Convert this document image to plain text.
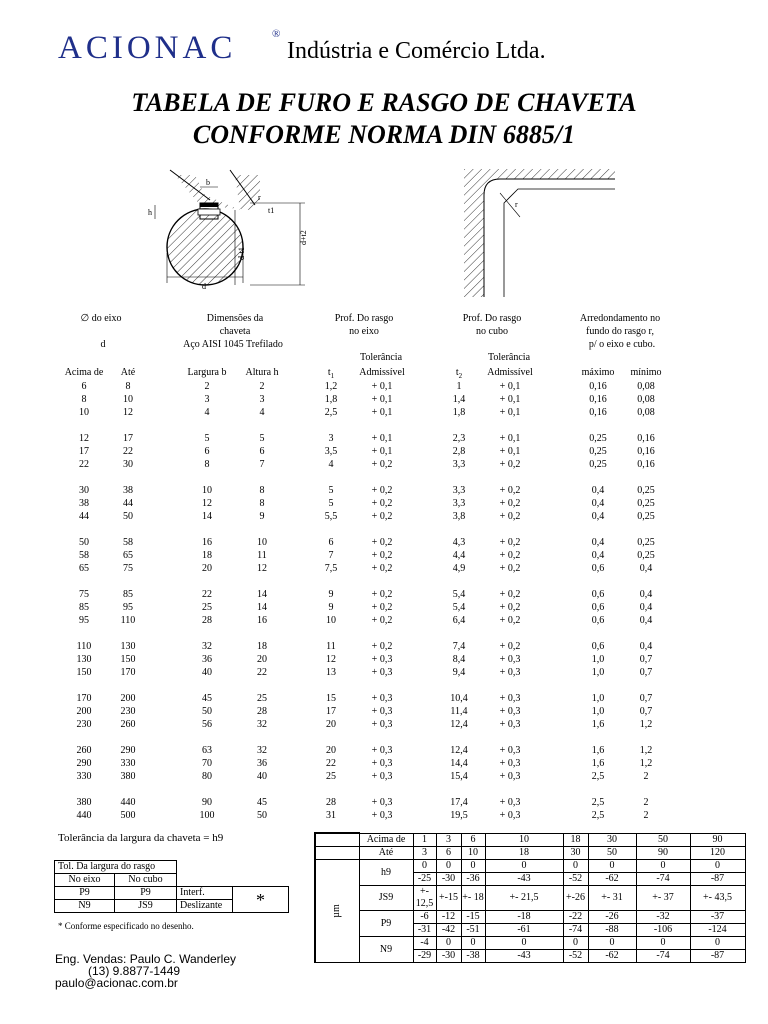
ACIONAC	®
Indústria e Comércio Ltda.
TABELA DE FURO E RASGO DE CHAVETA
CONFORME NORMA DIN 6885/1
b
h
r
t1
d+t2
d-t1
d
r
∅ do eixo
d
Dimensões da
chaveta
Aço AISI 1045 Trefilado
Prof. Do rasgo
no eixo
Prof. Do rasgo
no cubo
Arredondamento no
fundo do rasgo r,
p/ o eixo e cubo.
Tolerância	Tolerância
Acima de Até	Largura b Altura h	$t_1$	Admissível	$t_2$	Admissível	máximo mínimo
6	8	2	2	1,2	+ 0,1	1	+ 0,1	0,16	0,08
8	10	3	3	1,8	+ 0,1	1,4	+ 0,1	0,16	0,08
10	12	4	4	2,5	+ 0,1	1,8	+ 0,1	0,16	0,08
12	17	5	5	3	+ 0,1	2,3	+ 0,1	0,25	0,16
17	22	6	6	3,5	+ 0,1	2,8	+ 0,1	0,25	0,16
22	30	8	7	4	+ 0,2	3,3	+ 0,2	0,25	0,16
30	38	10	8	5	+ 0,2	3,3	+ 0,2	0,4	0,25
38	44	12	8	5	+ 0,2	3,3	+ 0,2	0,4	0,25
44	50	14	9	5,5	+ 0,2	3,8	+ 0,2	0,4	0,25
50	58	16	10	6	+ 0,2	4,3	+ 0,2	0,4	0,25
58	65	18	11	7	+ 0,2	4,4	+ 0,2	0,4	0,25
65	75	20	12	7,5	+ 0,2	4,9	+ 0,2	0,6	0,4
75	85	22	14	9	+ 0,2	5,4	+ 0,2	0,6	0,4
85	95	25	14	9	+ 0,2	5,4	+ 0,2	0,6	0,4
95	110	28	16	10	+ 0,2	6,4	+ 0,2	0,6	0,4
110	130	32	18	11	+ 0,2	7,4	+ 0,2	0,6	0,4
130	150	36	20	12	+ 0,3	8,4	+ 0,3	1,0	0,7
150	170	40	22	13	+ 0,3	9,4	+ 0,3	1,0	0,7
170	200	45	25	15	+ 0,3	10,4	+ 0,3	1,0	0,7
200	230	50	28	17	+ 0,3	11,4	+ 0,3	1,0	0,7
230	260	56	32	20	+ 0,3	12,4	+ 0,3	1,6	1,2
260	290	63	32	20	+ 0,3	12,4	+ 0,3	1,6	1,2
290	330	70	36	22	+ 0,3	14,4	+ 0,3	1,6	1,2
330	380	80	40	25	+ 0,3	15,4	+ 0,3	2,5	2
380	440	90	45	28	+ 0,3	17,4	+ 0,3	2,5	2
440	500	100	50	31	+ 0,3	19,5	+ 0,3	2,5	2
Tolerância da largura da chaveta = h9
		Acima de	1	3	6	10	18	30	50	90
	Até	3	6	10	18	30	50	90	120
µm	h9	0	0	0	0	0	0	0	0
		-25	-30	-36	-43	-52	-62	-74	-87
	JS9	+- 12,5	+-15	+- 18	+- 21,5	+-26	+- 31	+- 37	+- 43,5
	P9	-6	-12	-15	-18	-22	-26	-32	-37
		-31	-42	-51	-61	-74	-88	-106	-124
	N9	-4	0	0	0	0	0	0	0
		-29	-30	-38	-43	-52	-62	-74	-87
Tol. Da largura do rasgo			
No eixo	No cubo		
P9	P9	Interf.	*
N9	JS9	Deslizante	
* Conforme especificado no desenho.
Eng. Vendas: Paulo C. Wanderley
(13) 9.8877-1449
paulo@acionac.com.br
